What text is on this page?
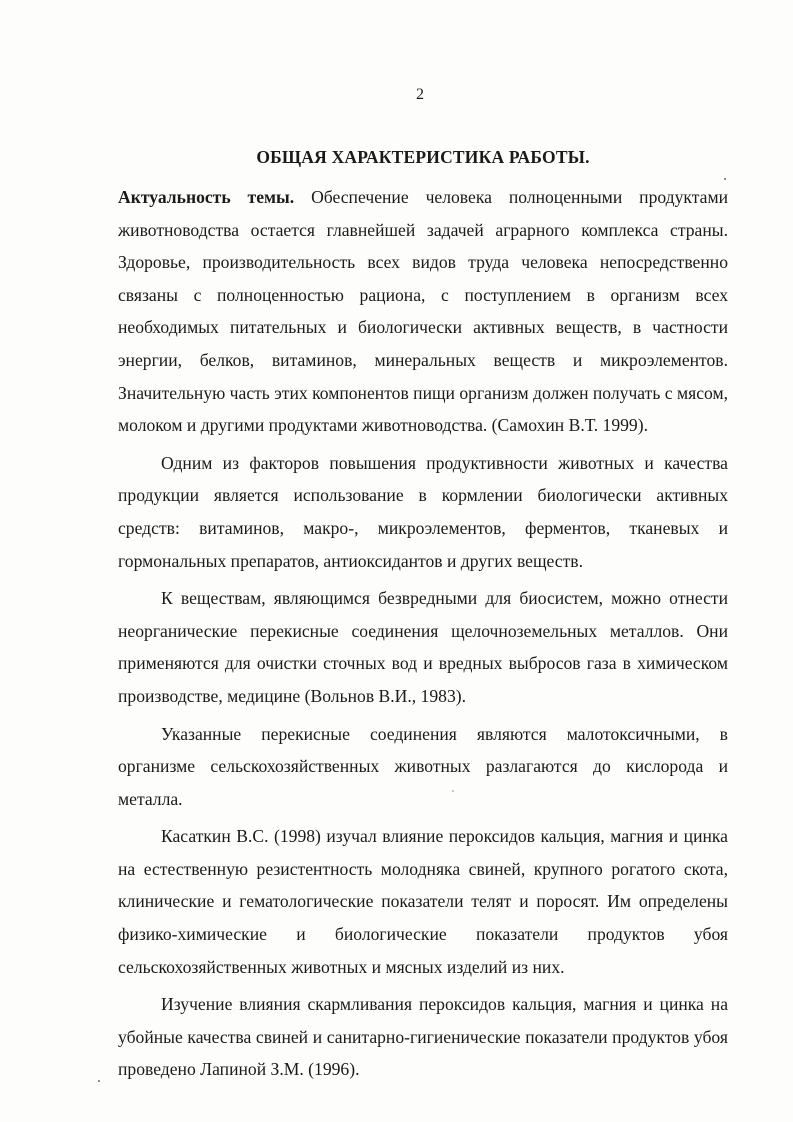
2
ОБЩАЯ ХАРАКТЕРИСТИКА РАБОТЫ.

Актуальность темы. Обеспечение человека полноценными продуктами животноводства остается главнейшей задачей аграрного комплекса страны. Здоровье, производительность всех видов труда человека непосредственно связаны с полноценностью рациона, с поступлением в организм всех необходимых питательных и биологически активных веществ, в частности энергии, белков, витаминов, минеральных веществ и микроэлементов. Значительную часть этих компонентов пищи организм должен получать с мясом, молоком и другими продуктами животноводства. (Самохин В.Т. 1999).

Одним из факторов повышения продуктивности животных и качества продукции является использование в кормлении биологически активных средств: витаминов, макро-, микроэлементов, ферментов, тканевых и гормональных препаратов, антиоксидантов и других веществ.

К веществам, являющимся безвредными для биосистем, можно отнести неорганические перекисные соединения щелочноземельных металлов. Они применяются для очистки сточных вод и вредных выбросов газа в химическом производстве, медицине (Вольнов В.И., 1983).

Указанные перекисные соединения являются малотоксичными, в организме сельскохозяйственных животных разлагаются до кислорода и металла.

Касаткин В.С. (1998) изучал влияние пероксидов кальция, магния и цинка на естественную резистентность молодняка свиней, крупного рогатого скота, клинические и гематологические показатели телят и поросят. Им определены физико-химические и биологические показатели продуктов убоя сельскохозяйственных животных и мясных изделий из них.

Изучение влияния скармливания пероксидов кальция, магния и цинка на убойные качества свиней и санитарно-гигиенические показатели продуктов убоя проведено Лапиной З.М. (1996).
